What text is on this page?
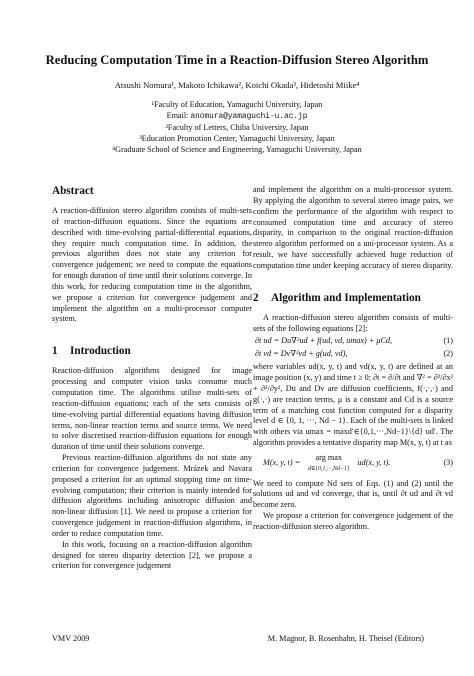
Reducing Computation Time in a Reaction-Diffusion Stereo Algorithm
Atsushi Nomura¹, Makoto Ichikawa², Koichi Okada³, Hidetoshi Miike⁴
¹Faculty of Education, Yamaguchi University, Japan
Email: anomura@yamaguchi-u.ac.jp
²Faculty of Letters, Chiba University, Japan
³Education Promotion Center, Yamaguchi University, Japan
⁴Graduate School of Science and Engineering, Yamaguchi University, Japan
Abstract

A reaction-diffusion stereo algorithm consists of multi-sets of reaction-diffusion equations. Since the equations are described with time-evolving partial-differential equations, they require much computation time. In addition, the previous algorithm does not state any criterion for convergence judgement; we need to compute the equations for enough duration of time until their solutions converge. In this work, for reducing computation time in the algorithm, we propose a criterion for convergence judgement and implement the algorithm on a multi-processor computer system.

1 Introduction

Reaction-diffusion algorithms designed for image processing and computer vision tasks consume much computation time. The algorithms utilise multi-sets of reaction-diffusion equations; each of the sets consists of time-evolving partial differential equations having diffusion terms, non-linear reaction terms and source terms. We need to solve discretised reaction-diffusion equations for enough duration of time until their solutions converge.

Previous reaction-diffusion algorithms do not state any criterion for convergence judgement. Mrázek and Navara proposed a criterion for an optimal stopping time on time-evolving computation; their criterion is mainly intended for diffusion algorithms including anisotropic diffusion and non-linear diffusion [1]. We need to propose a criterion for convergence judgement in reaction-diffusion algorithms, in order to reduce computation time.

In this work, focusing on a reaction-diffusion algorithm designed for stereo disparity detection [2], we propose a criterion for convergence judgement

and implement the algorithm on a multi-processor system. By applying the algorithm to several stereo image pairs, we confirm the performance of the algorithm with respect to consumed computation time and accuracy of stereo disparity, in comparison to the original reaction-diffusion stereo algorithm performed on a uni-processor system. As a result, we have successfully achieved huge reduction of computation time under keeping accuracy of stereo disparity.

2 Algorithm and Implementation

A reaction-diffusion stereo algorithm consists of multi-sets of the following equations [2]:

∂t ud = Du∇²ud + f(ud, vd, umax) + μCd,	(1)
∂t vd = Dv∇²vd + g(ud, vd),	(2)

where variables ud(x, y, t) and vd(x, y, t) are defined at an image position (x, y) and time t ≥ 0; ∂t = ∂/∂t and ∇² = ∂²/∂x² + ∂²/∂y², Du and Dv are diffusion coefficients, f(·,·,·) and g(·,·) are reaction terms, μ is a constant and Cd is a source term of a matching cost function computed for a disparity level d ∈ {0, 1, ···, Nd − 1}. Each of the multi-sets is linked with others via umax = maxd′∈{0,1,···,Nd−1}\{d} ud′. The algorithm provides a tentative disparity map M(x, y, t) at t as

M(x, y, t) =
arg max
d∈{0,1,···,Nd−1}
ud(x, y, t).	(3)

We need to compute Nd sets of Eqs. (1) and (2) until the solutions ud and vd converge, that is, until ∂t ud and ∂t vd become zero.

We propose a criterion for convergence judgement of the reaction-diffusion stereo algorithm.

VMV 2009	M. Magnor, B. Rosenhahn, H. Theisel (Editors)
